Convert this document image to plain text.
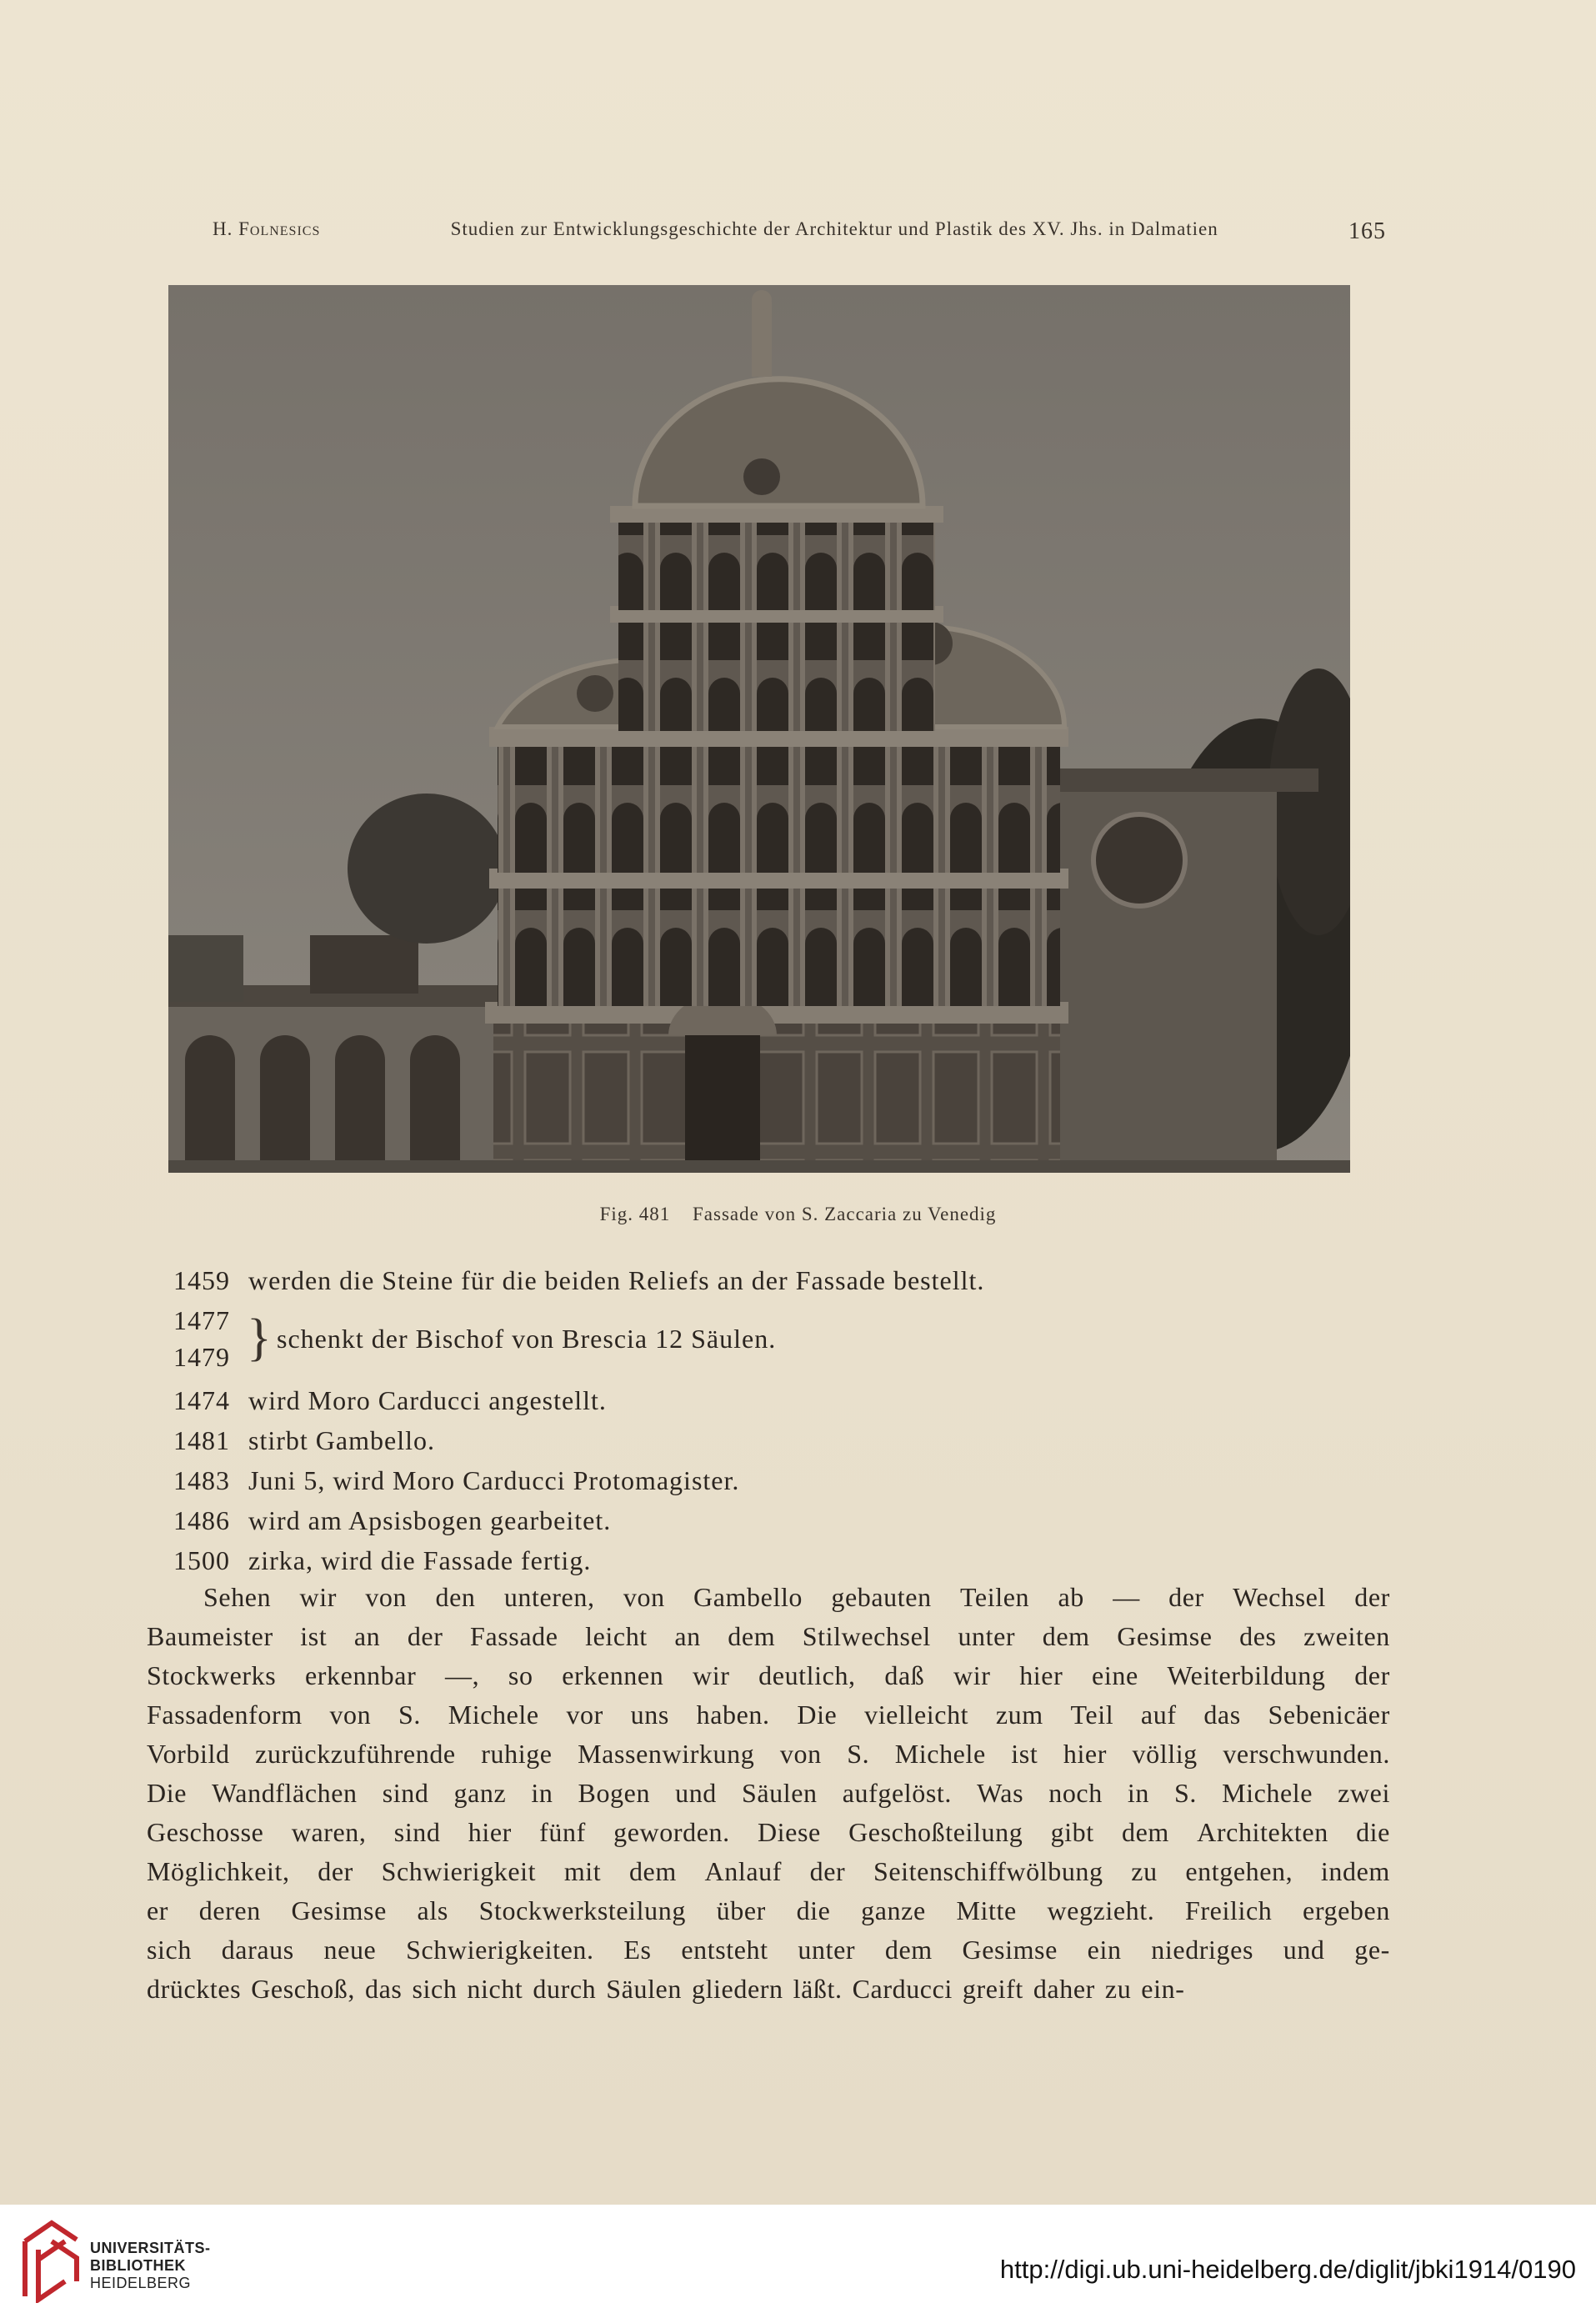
H. Folnesics	Studien zur Entwicklungsgeschichte der Architektur und Plastik des XV. Jhs. in Dalmatien	165
Fig. 481 Fassade von S. Zaccaria zu Venedig
1459 werden die Steine für die beiden Reliefs an der Fassade bestellt.
1477
1479 } schenkt der Bischof von Brescia 12 Säulen.
1474 wird Moro Carducci angestellt.
1481 stirbt Gambello.
1483 Juni 5, wird Moro Carducci Protomagister.
1486 wird am Apsisbogen gearbeitet.
1500 zirka, wird die Fassade fertig.
Sehen wir von den unteren, von Gambello gebauten Teilen ab — der Wechsel der
Baumeister ist an der Fassade leicht an dem Stilwechsel unter dem Gesimse des zweiten
Stockwerks erkennbar —, so erkennen wir deutlich, daß wir hier eine Weiterbildung der
Fassadenform von S. Michele vor uns haben. Die vielleicht zum Teil auf das Sebenicäer
Vorbild zurückzuführende ruhige Massenwirkung von S. Michele ist hier völlig verschwunden.
Die Wandflächen sind ganz in Bogen und Säulen aufgelöst. Was noch in S. Michele zwei
Geschosse waren, sind hier fünf geworden. Diese Geschoßteilung gibt dem Architekten die
Möglichkeit, der Schwierigkeit mit dem Anlauf der Seitenschiffwölbung zu entgehen, indem
er deren Gesimse als Stockwerksteilung über die ganze Mitte wegzieht. Freilich ergeben
sich daraus neue Schwierigkeiten. Es entsteht unter dem Gesimse ein niedriges und ge-
drücktes Geschoß, das sich nicht durch Säulen gliedern läßt. Carducci greift daher zu ein-
UNIVERSITÄTS-
BIBLIOTHEK
HEIDELBERG	http://digi.ub.uni-heidelberg.de/diglit/jbki1914/0190
